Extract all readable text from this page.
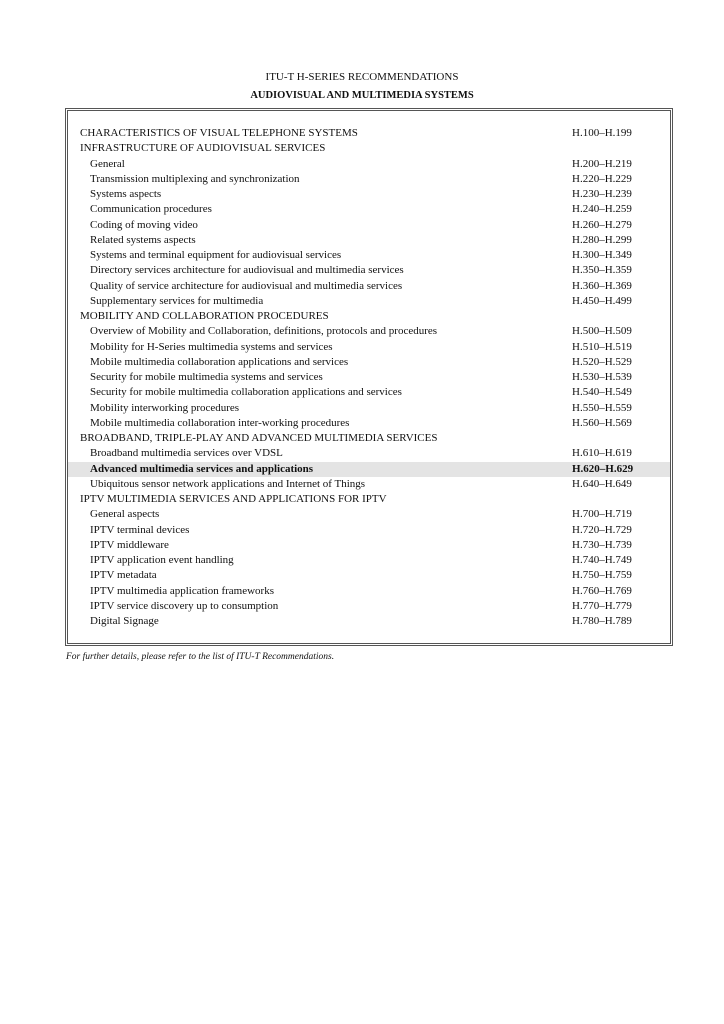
ITU-T H-SERIES RECOMMENDATIONS
AUDIOVISUAL AND MULTIMEDIA SYSTEMS
CHARACTERISTICS OF VISUAL TELEPHONE SYSTEMS	H.100–H.199
INFRASTRUCTURE OF AUDIOVISUAL SERVICES
General	H.200–H.219
Transmission multiplexing and synchronization	H.220–H.229
Systems aspects	H.230–H.239
Communication procedures	H.240–H.259
Coding of moving video	H.260–H.279
Related systems aspects	H.280–H.299
Systems and terminal equipment for audiovisual services	H.300–H.349
Directory services architecture for audiovisual and multimedia services	H.350–H.359
Quality of service architecture for audiovisual and multimedia services	H.360–H.369
Supplementary services for multimedia	H.450–H.499
MOBILITY AND COLLABORATION PROCEDURES
Overview of Mobility and Collaboration, definitions, protocols and procedures	H.500–H.509
Mobility for H-Series multimedia systems and services	H.510–H.519
Mobile multimedia collaboration applications and services	H.520–H.529
Security for mobile multimedia systems and services	H.530–H.539
Security for mobile multimedia collaboration applications and services	H.540–H.549
Mobility interworking procedures	H.550–H.559
Mobile multimedia collaboration inter-working procedures	H.560–H.569
BROADBAND, TRIPLE-PLAY AND ADVANCED MULTIMEDIA SERVICES
Broadband multimedia services over VDSL	H.610–H.619
Advanced multimedia services and applications	H.620–H.629
Ubiquitous sensor network applications and Internet of Things	H.640–H.649
IPTV MULTIMEDIA SERVICES AND APPLICATIONS FOR IPTV
General aspects	H.700–H.719
IPTV terminal devices	H.720–H.729
IPTV middleware	H.730–H.739
IPTV application event handling	H.740–H.749
IPTV metadata	H.750–H.759
IPTV multimedia application frameworks	H.760–H.769
IPTV service discovery up to consumption	H.770–H.779
Digital Signage	H.780–H.789
For further details, please refer to the list of ITU-T Recommendations.
